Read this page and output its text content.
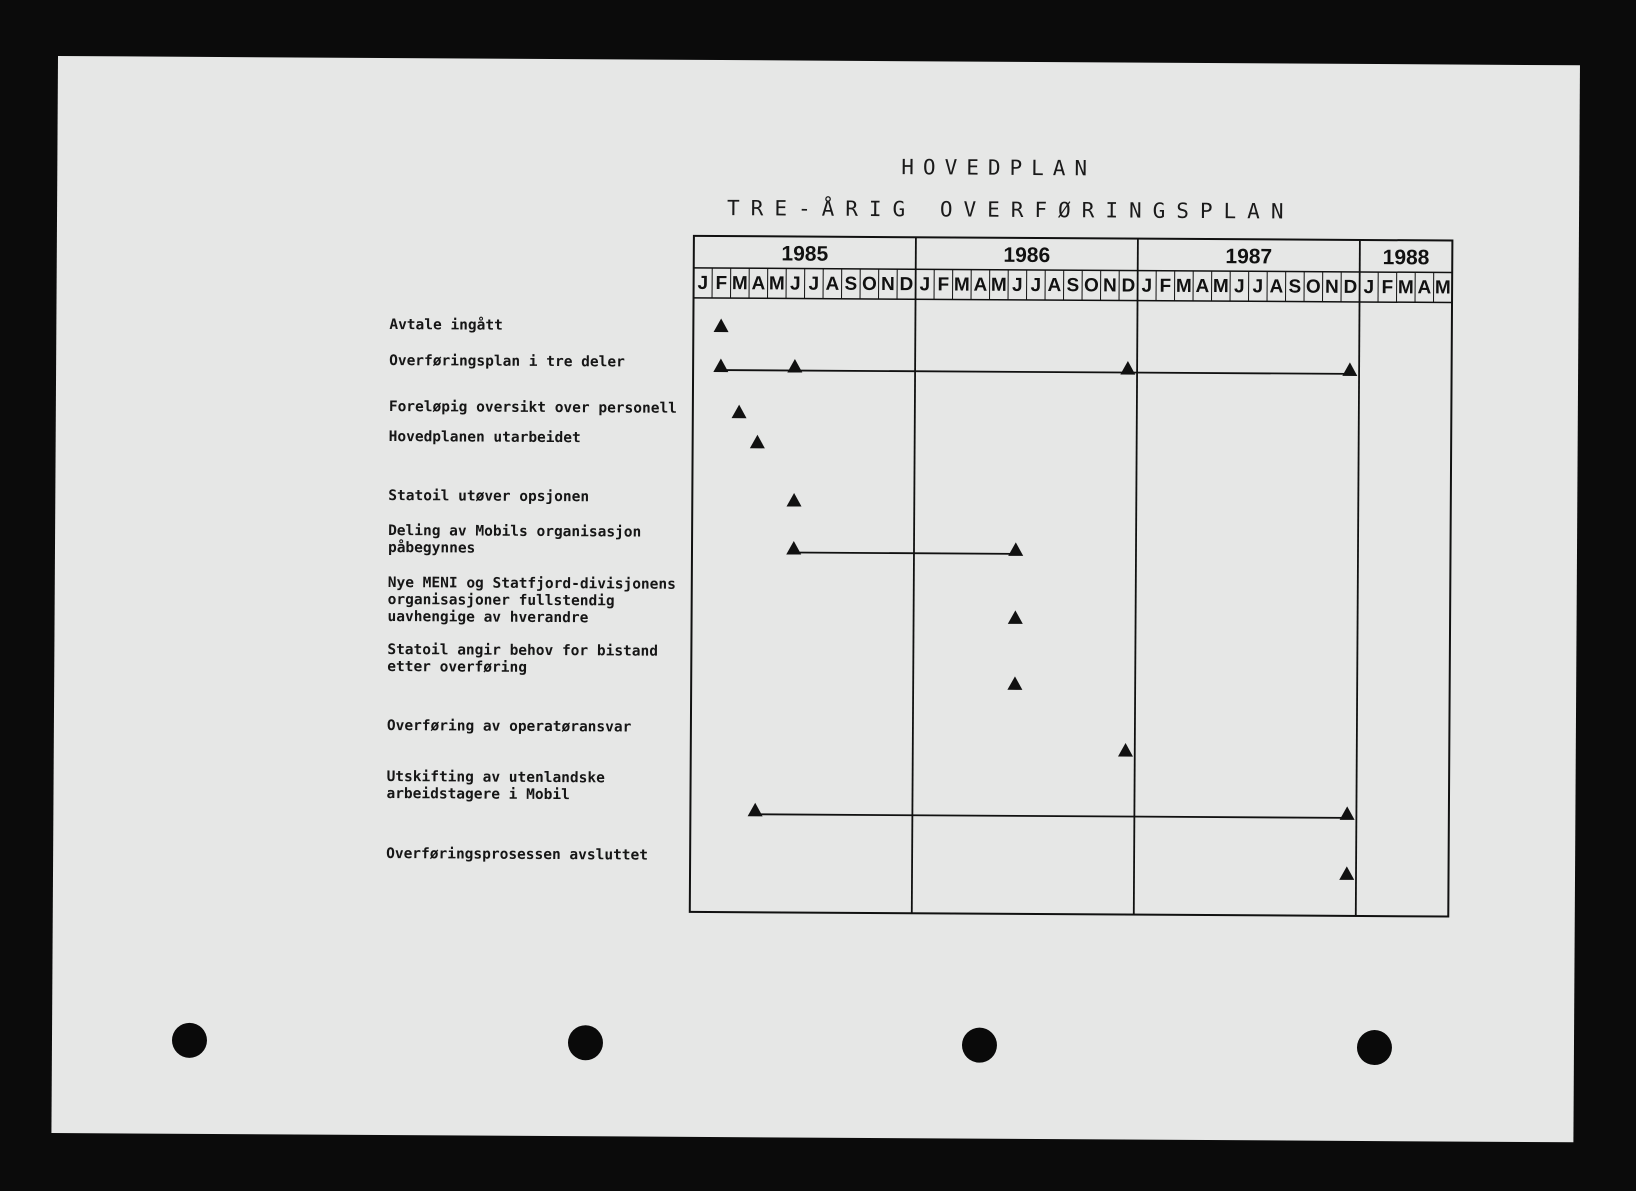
HOVEDPLAN
TRE-ÅRIG OVERFØRINGSPLAN
Avtale ingått
Overføringsplan i tre deler
Foreløpig oversikt over personell
Hovedplanen utarbeidet
Statoil utøver opsjonen
Deling av Mobils organisasjon
påbegynnes
Nye MENI og Statfjord-divisjonens
organisasjoner fullstendig
uavhengige av hverandre
Statoil angir behov for bistand
etter overføring
Overføring av operatøransvar
Utskifting av utenlandske
arbeidstagere i Mobil
Overføringsprosessen avsluttet
J F M A M J J A S O N D J F M A M J J A S O N D J F M A M J J A S O N D J F M A M
1985	1986	1987	1988
